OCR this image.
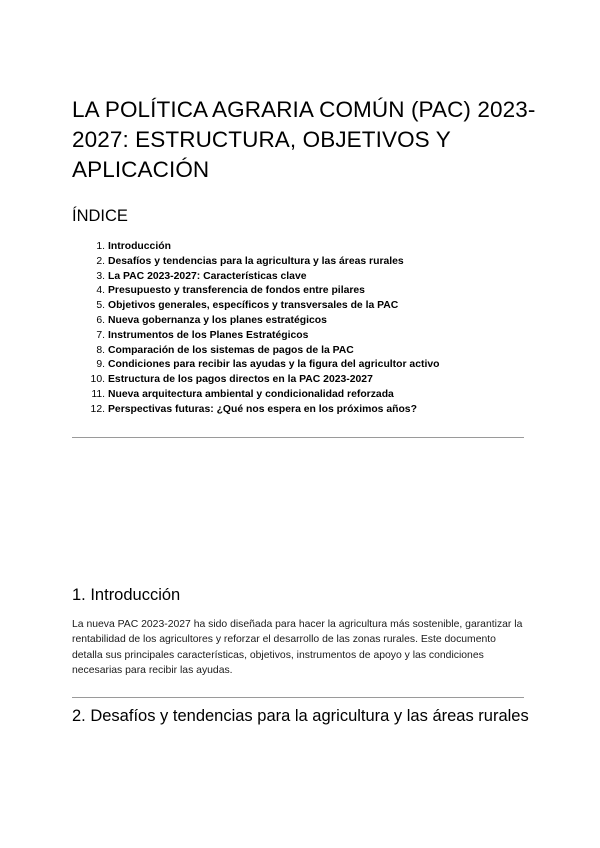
LA POLÍTICA AGRARIA COMÚN (PAC) 2023-2027: ESTRUCTURA, OBJETIVOS Y APLICACIÓN
ÍNDICE
1. Introducción
2. Desafíos y tendencias para la agricultura y las áreas rurales
3. La PAC 2023-2027: Características clave
4. Presupuesto y transferencia de fondos entre pilares
5. Objetivos generales, específicos y transversales de la PAC
6. Nueva gobernanza y los planes estratégicos
7. Instrumentos de los Planes Estratégicos
8. Comparación de los sistemas de pagos de la PAC
9. Condiciones para recibir las ayudas y la figura del agricultor activo
10. Estructura de los pagos directos en la PAC 2023-2027
11. Nueva arquitectura ambiental y condicionalidad reforzada
12. Perspectivas futuras: ¿Qué nos espera en los próximos años?
1. Introducción

La nueva PAC 2023-2027 ha sido diseñada para hacer la agricultura más sostenible, garantizar la rentabilidad de los agricultores y reforzar el desarrollo de las zonas rurales. Este documento detalla sus principales características, objetivos, instrumentos de apoyo y las condiciones necesarias para recibir las ayudas.

2. Desafíos y tendencias para la agricultura y las áreas rurales
